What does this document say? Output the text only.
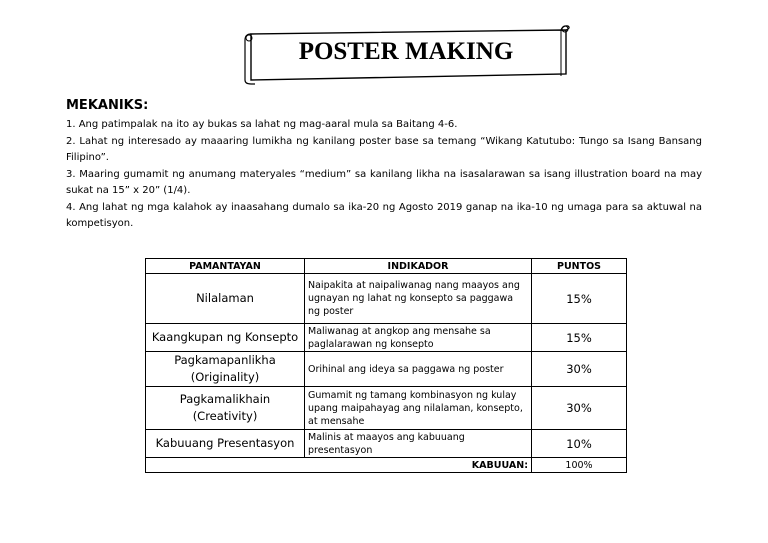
POSTER MAKING
MEKANIKS:

1. Ang patimpalak na ito ay bukas sa lahat ng mag-aaral mula sa Baitang 4-6.

2. Lahat ng interesado ay maaaring lumikha ng kanilang poster base sa temang “Wikang Katutubo: Tungo sa Isang Bansang Filipino”.

3. Maaring gumamit ng anumang materyales “medium” sa kanilang likha na isasalarawan sa isang illustration board na may sukat na 15” x 20” (1/4).

4. Ang lahat ng mga kalahok ay inaasahang dumalo sa ika-20 ng Agosto 2019 ganap na ika-10 ng umaga para sa aktuwal na kompetisyon.

PAMANTAYAN	INDIKADOR	PUNTOS
Nilalaman	Naipakita at naipaliwanag nang maayos ang ugnayan ng lahat ng konsepto sa paggawa ng poster	15%
Kaangkupan ng Konsepto	Maliwanag at angkop ang mensahe sa paglalarawan ng konsepto	15%
Pagkamapanlikha (Originality)	Orihinal ang ideya sa paggawa ng poster	30%
Pagkamalikhain (Creativity)	Gumamit ng tamang kombinasyon ng kulay upang maipahayag ang nilalaman, konsepto, at mensahe	30%
Kabuuang Presentasyon	Malinis at maayos ang kabuuang presentasyon	10%
KABUUAN:		100%
